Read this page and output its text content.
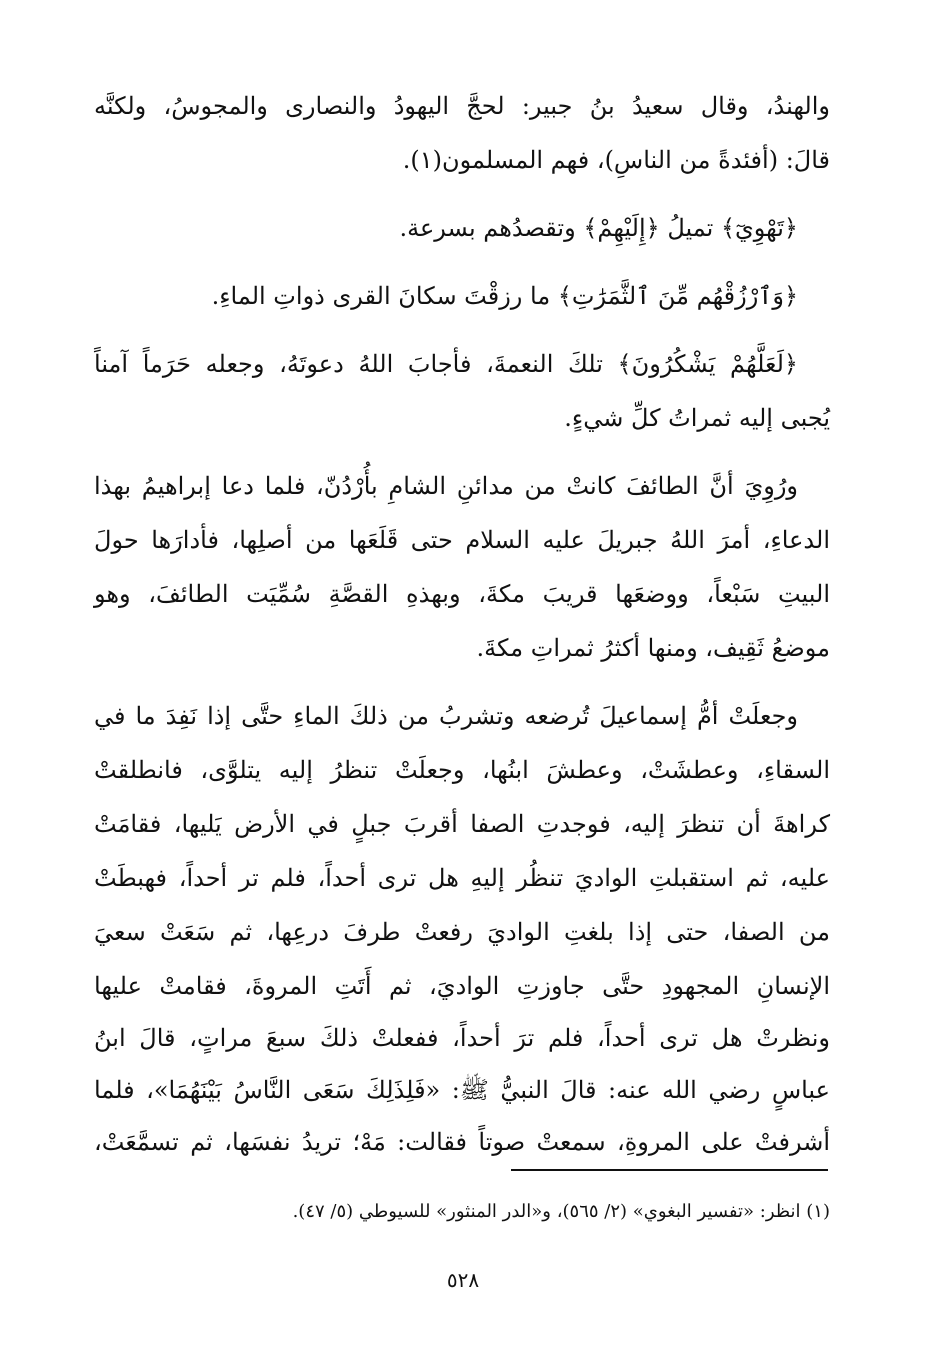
والهندُ، وقال سعيدُ بنُ جبير: لحجَّ اليهودُ والنصارى والمجوسُ، ولكنَّه
قالَ: (أفئدةً من الناسِ)، فهم المسلمون(١).
﴿تَهْوِيٓ﴾ تميلُ ﴿إِلَيْهِمْ﴾ وتقصدُهم بسرعة.
﴿وَٱرْزُقْهُم مِّنَ ٱلثَّمَرَٰتِ﴾ ما رزقْتَ سكانَ القرى ذواتِ الماءِ.
﴿لَعَلَّهُمْ يَشْكُرُونَ﴾ تلكَ النعمةَ، فأجابَ اللهُ دعوتَهُ، وجعله حَرَماً آمناً
يُجبى إليه ثمراتُ كلِّ شيءٍ.
ورُوِيَ أنَّ الطائفَ كانتْ من مدائنِ الشامِ بأُرْدُنّ، فلما دعا إبراهيمُ بهذا
الدعاءِ، أمرَ اللهُ جبريلَ عليه السلام حتى قَلَعَها من أصلِها، فأدارَها حولَ
البيتِ سَبْعاً، ووضعَها قريبَ مكةَ، وبهذهِ القصَّةِ سُمِّيَت الطائفَ، وهو
موضعُ ثَقِيف، ومنها أكثرُ ثمراتِ مكةَ.
وجعلَتْ أمُّ إسماعيلَ تُرضعه وتشربُ من ذلكَ الماءِ حتَّى إذا نَفِدَ ما في
السقاءِ، وعطشَتْ، وعطشَ ابنُها، وجعلَتْ تنظرُ إليه يتلوَّى، فانطلقتْ
كراهةَ أن تنظرَ إليه، فوجدتِ الصفا أقربَ جبلٍ في الأرض يَليها، فقامَتْ
عليه، ثم استقبلتِ الواديَ تنظُر إليهِ هل ترى أحداً، فلم تر أحداً، فهبطَتْ
من الصفا، حتى إذا بلغتِ الواديَ رفعتْ طرفَ درعِها، ثم سَعَتْ سعيَ
الإنسانِ المجهودِ حتَّى جاوزتِ الواديَ، ثم أَتَتِ المروةَ، فقامتْ عليها
ونظرتْ هل ترى أحداً، فلم ترَ أحداً، ففعلتْ ذلكَ سبعَ مراتٍ، قالَ ابنُ
عباسٍ رضي الله عنه: قالَ النبيُّ ﷺ: «فَلِذَلِكَ سَعَى النَّاسُ بَيْنَهُمَا»، فلما
أشرفتْ على المروةِ، سمعتْ صوتاً فقالت: مَهْ؛ تريدُ نفسَها، ثم تسمَّعَتْ،
(١) انظر: «تفسير البغوي» (٢/ ٥٦٥)، و«الدر المنثور» للسيوطي (٥/ ٤٧).
٥٢٨
